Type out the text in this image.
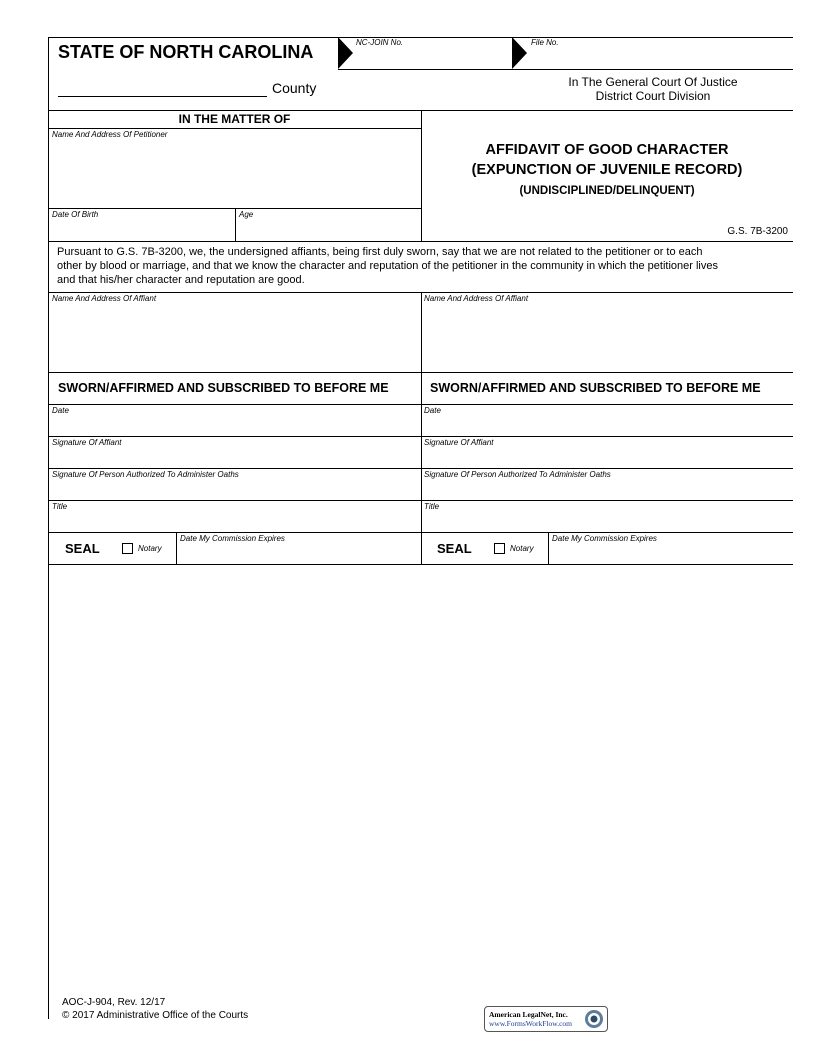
STATE OF NORTH CAROLINA	NC-JOIN No.	File No.
County	In The General Court Of Justice
District Court Division
IN THE MATTER OF
Name And Address Of Petitioner
Date Of Birth	Age
AFFIDAVIT OF GOOD CHARACTER
(EXPUNCTION OF JUVENILE RECORD)
(UNDISCIPLINED/DELINQUENT)
G.S. 7B-3200
Pursuant to G.S. 7B-3200, we, the undersigned affiants, being first duly sworn, say that we are not related to the petitioner or to each
other by blood or marriage, and that we know the character and reputation of the petitioner in the community in which the petitioner lives
and that his/her character and reputation are good.
Name And Address Of Affiant
SWORN/AFFIRMED AND SUBSCRIBED TO BEFORE ME
Date
Signature Of Affiant
Signature Of Person Authorized To Administer Oaths
Title
SEAL	Notary
Date My Commission Expires
Name And Address Of Affiant
SWORN/AFFIRMED AND SUBSCRIBED TO BEFORE ME
Date
Signature Of Affiant
Signature Of Person Authorized To Administer Oaths
Title
SEAL	Notary
Date My Commission Expires
AOC-J-904, Rev. 12/17
© 2017 Administrative Office of the Courts	American LegalNet, Inc.
www.FormsWorkFlow.com
